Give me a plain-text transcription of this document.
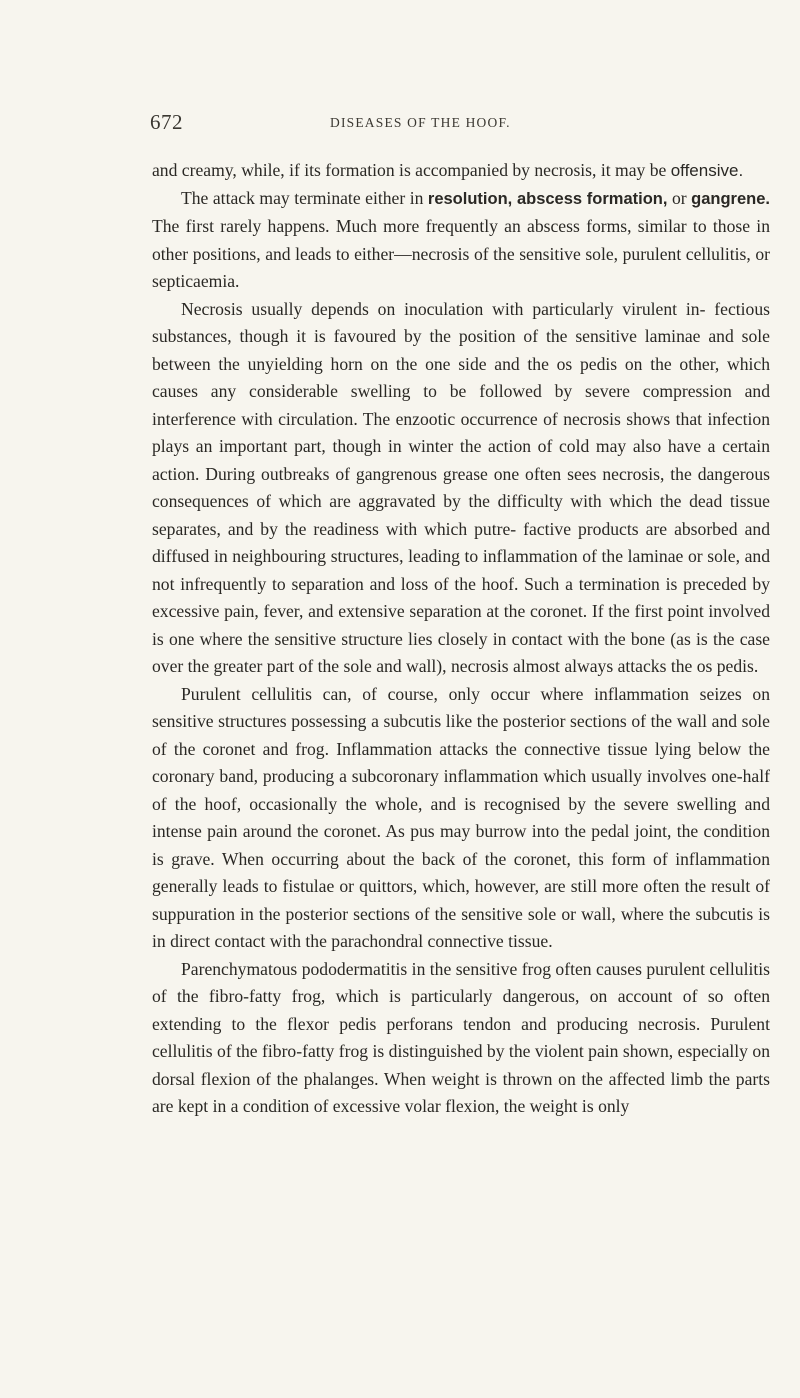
672	DISEASES OF THE HOOF.

and creamy, while, if its formation is accompanied by necrosis, it may be offensive.

The attack may terminate either in resolution, abscess formation, or gangrene. The first rarely happens. Much more frequently an abscess forms, similar to those in other positions, and leads to either—necrosis of the sensitive sole, purulent cellulitis, or septicaemia.

Necrosis usually depends on inoculation with particularly virulent in- fectious substances, though it is favoured by the position of the sensitive laminae and sole between the unyielding horn on the one side and the os pedis on the other, which causes any considerable swelling to be followed by severe compression and interference with circulation. The enzootic occurrence of necrosis shows that infection plays an important part, though in winter the action of cold may also have a certain action. During outbreaks of gangrenous grease one often sees necrosis, the dangerous consequences of which are aggravated by the difficulty with which the dead tissue separates, and by the readiness with which putre- factive products are absorbed and diffused in neighbouring structures, leading to inflammation of the laminae or sole, and not infrequently to separation and loss of the hoof. Such a termination is preceded by excessive pain, fever, and extensive separation at the coronet. If the first point involved is one where the sensitive structure lies closely in contact with the bone (as is the case over the greater part of the sole and wall), necrosis almost always attacks the os pedis.

Purulent cellulitis can, of course, only occur where inflammation seizes on sensitive structures possessing a subcutis like the posterior sections of the wall and sole of the coronet and frog. Inflammation attacks the connective tissue lying below the coronary band, producing a subcoronary inflammation which usually involves one-half of the hoof, occasionally the whole, and is recognised by the severe swelling and intense pain around the coronet. As pus may burrow into the pedal joint, the condition is grave. When occurring about the back of the coronet, this form of inflammation generally leads to fistulae or quittors, which, however, are still more often the result of suppuration in the posterior sections of the sensitive sole or wall, where the subcutis is in direct contact with the parachondral connective tissue.

Parenchymatous pododermatitis in the sensitive frog often causes purulent cellulitis of the fibro-fatty frog, which is particularly dangerous, on account of so often extending to the flexor pedis perforans tendon and producing necrosis. Purulent cellulitis of the fibro-fatty frog is distinguished by the violent pain shown, especially on dorsal flexion of the phalanges. When weight is thrown on the affected limb the parts are kept in a condition of excessive volar flexion, the weight is only
